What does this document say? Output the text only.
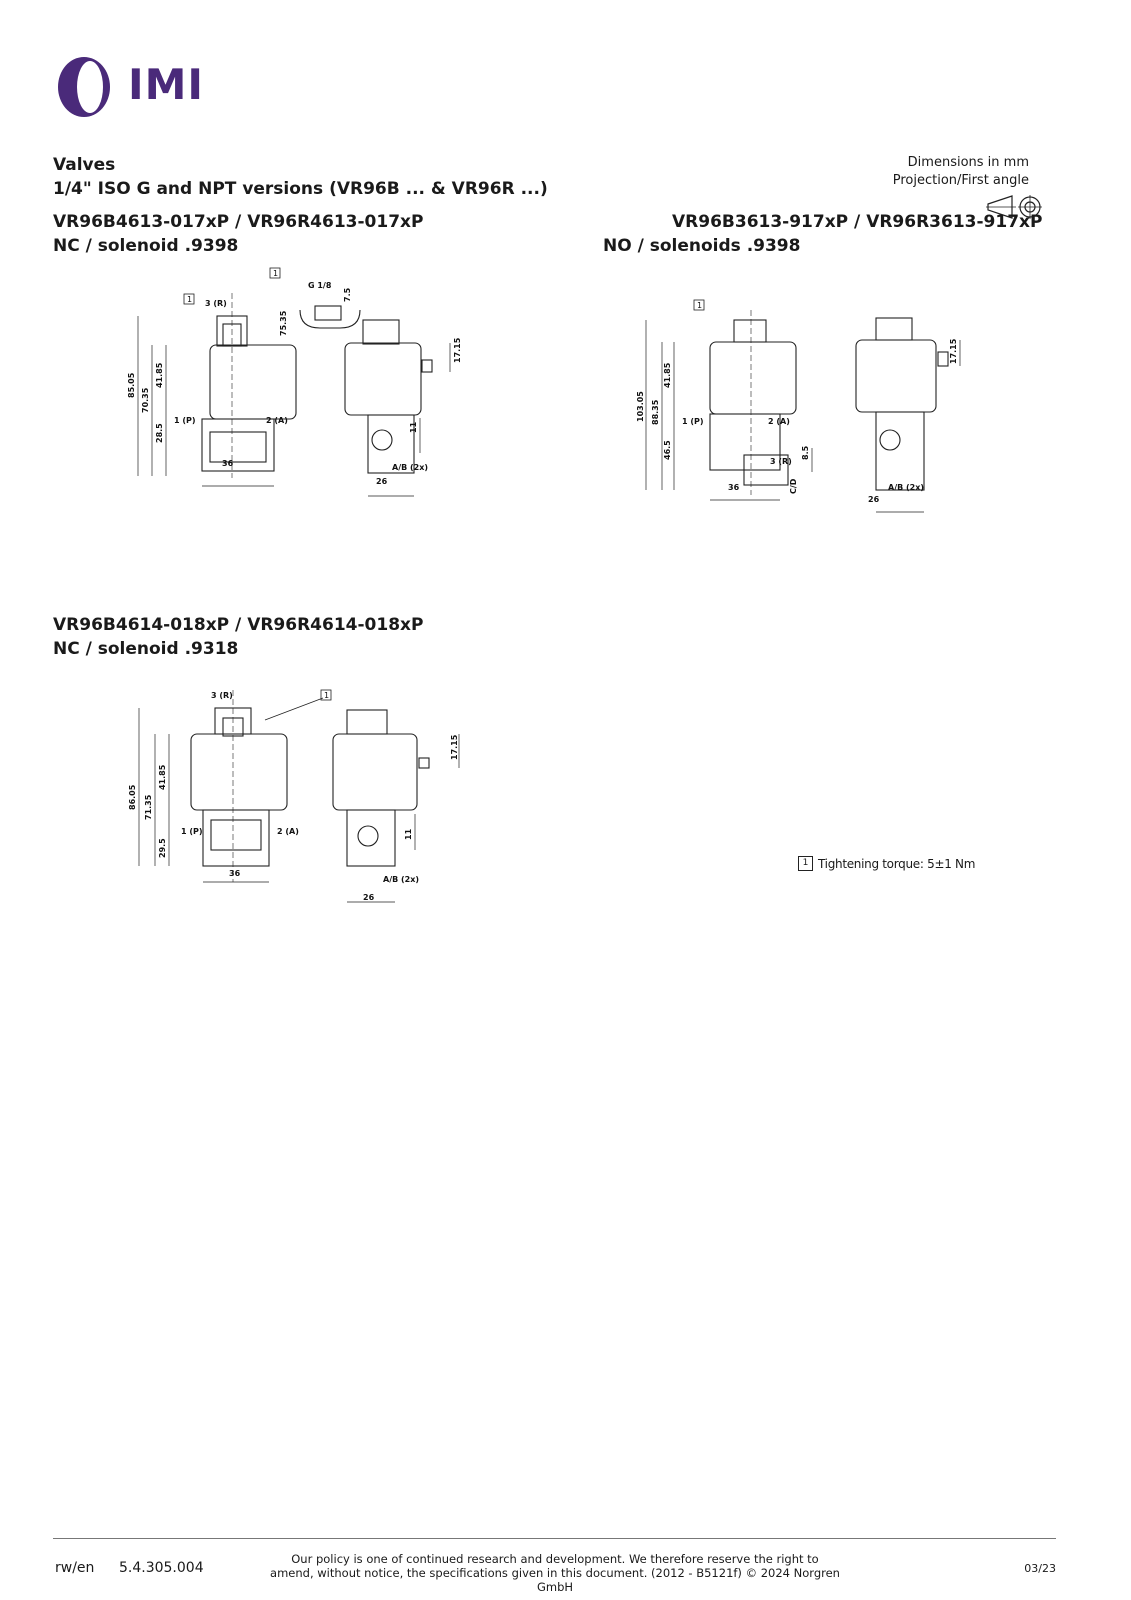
IMI
Valves
1/4" ISO G and NPT versions (VR96B ... & VR96R ...)
Dimensions in mm
Projection/First angle
VR96B4613-017xP / VR96R4613-017xP
NC / solenoid .9398
VR96B3613-917xP / VR96R3613-917xP
NO / solenoids .9398
VR96B4614-018xP / VR96R4614-018xP
NC / solenoid .9318
85.05
70.35
41.85
28.5
36
26
17.15
11
75.35
7.5
G 1/8
3 (R)
1 (P)	2 (A)
A/B (2x)
1
1
103.05 88.35
41.85
46.5
36
26
17.15
8.5
1 (P)	2 (A)
3 (R)
A/B (2x)
C/D
1
86.05 71.35
41.85
29.5
36
26
17.15
11
3 (R)
1 (P)	2 (A)
A/B (2x)
1
1 Tightening torque: 5±1 Nm
rw/en 5.4.305.004
Our policy is one of continued research and development. We therefore reserve the right to amend, without notice, the specifications given in this document. (2012 - B5121f) © 2024 Norgren GmbH
03/23
